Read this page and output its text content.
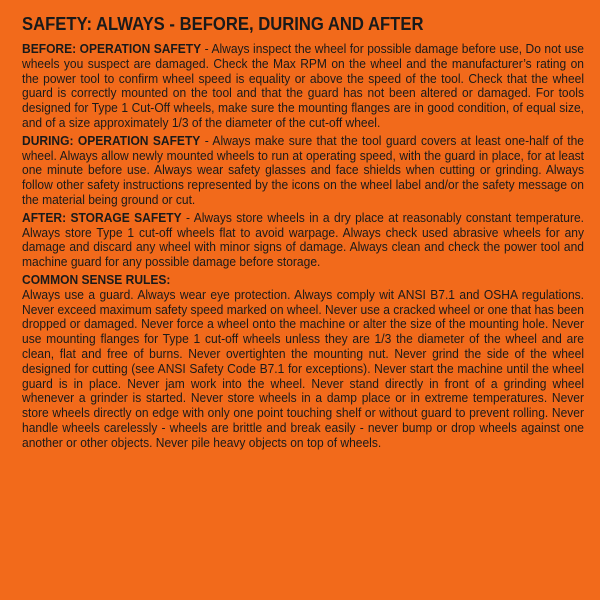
SAFETY: ALWAYS - BEFORE, DURING AND AFTER

BEFORE: OPERATION SAFETY - Always inspect the wheel for possible damage before use, Do not use wheels you suspect are damaged. Check the Max RPM on the wheel and the manufacturer’s rating on the power tool to confirm wheel speed is equality or above the speed of the tool. Check that the wheel guard is correctly mounted on the tool and that the guard has not been altered or damaged. For tools designed for Type 1 Cut-Off wheels, make sure the mounting flanges are in good condition, of equal size, and of a size approximately 1/3 of the diameter of the cut-off wheel.

DURING: OPERATION SAFETY - Always make sure that the tool guard covers at least one-half of the wheel. Always allow newly mounted wheels to run at operating speed, with the guard in place, for at least one minute before use. Always wear safety glasses and face shields when cutting or grinding. Always follow other safety instructions represented by the icons on the wheel label and/or the safety message on the material being ground or cut.

AFTER: STORAGE SAFETY - Always store wheels in a dry place at reasonably constant temperature. Always store Type 1 cut-off wheels flat to avoid warpage. Always check used abrasive wheels for any damage and discard any wheel with minor signs of damage. Always clean and check the power tool and machine guard for any possible damage before storage.

COMMON SENSE RULES:
Always use a guard. Always wear eye protection. Always comply wit ANSI B7.1 and OSHA regulations. Never exceed maximum safety speed marked on wheel. Never use a cracked wheel or one that has been dropped or damaged. Never force a wheel onto the machine or alter the size of the mounting hole. Never use mounting flanges for Type 1 cut-off wheels unless they are 1/3 the diameter of the wheel and are clean, flat and free of burns. Never overtighten the mounting nut. Never grind the side of the wheel designed for cutting (see ANSI Safety Code B7.1 for exceptions). Never start the machine until the wheel guard is in place. Never jam work into the wheel. Never stand directly in front of a grinding wheel whenever a grinder is started. Never store wheels in a damp place or in extreme temperatures. Never store wheels directly on edge with only one point touching shelf or without guard to prevent rolling. Never handle wheels carelessly - wheels are brittle and break easily - never bump or drop wheels against one another or other objects. Never pile heavy objects on top of wheels.
